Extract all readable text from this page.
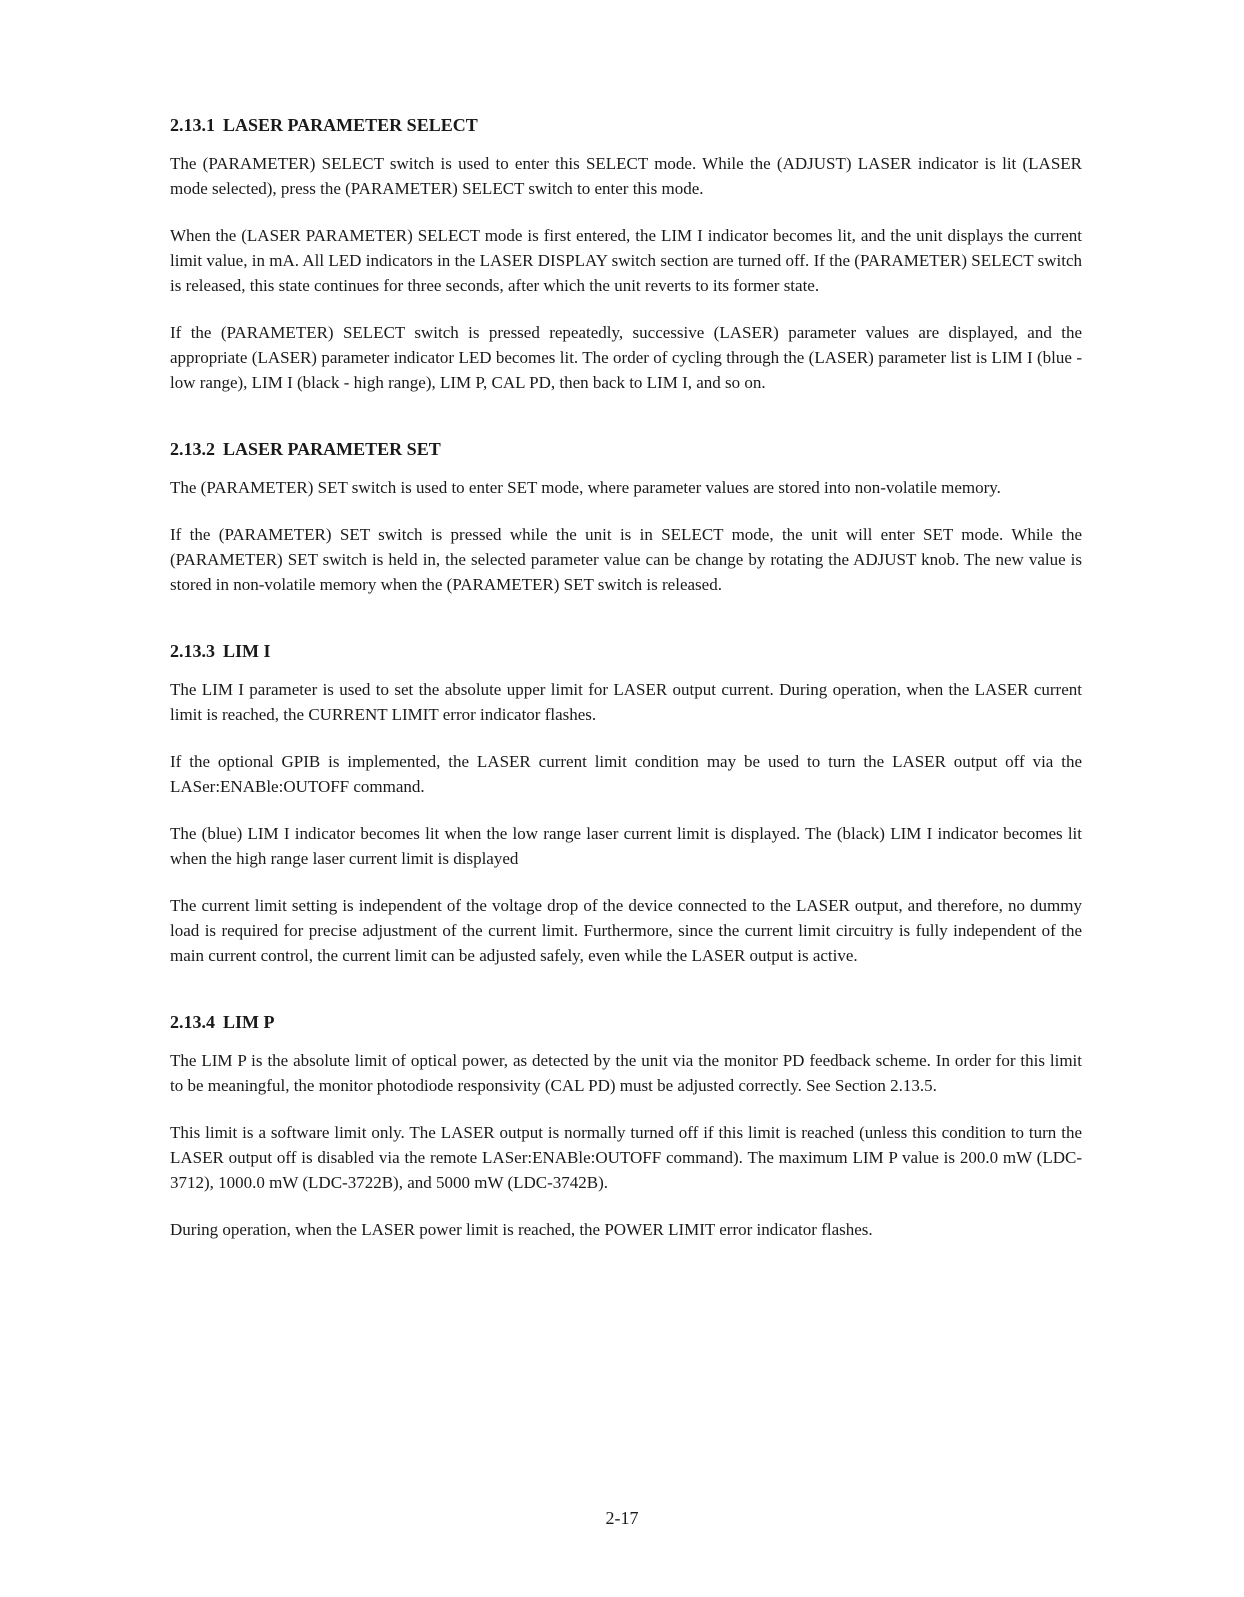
2.13.1 LASER PARAMETER SELECT

The (PARAMETER) SELECT switch is used to enter this SELECT mode. While the (ADJUST) LASER indicator is lit (LASER mode selected), press the (PARAMETER) SELECT switch to enter this mode.

When the (LASER PARAMETER) SELECT mode is first entered, the LIM I indicator becomes lit, and the unit displays the current limit value, in mA. All LED indicators in the LASER DISPLAY switch section are turned off. If the (PARAMETER) SELECT switch is released, this state continues for three seconds, after which the unit reverts to its former state.

If the (PARAMETER) SELECT switch is pressed repeatedly, successive (LASER) parameter values are displayed, and the appropriate (LASER) parameter indicator LED becomes lit. The order of cycling through the (LASER) parameter list is LIM I (blue - low range), LIM I (black - high range), LIM P, CAL PD, then back to LIM I, and so on.

2.13.2 LASER PARAMETER SET

The (PARAMETER) SET switch is used to enter SET mode, where parameter values are stored into non-volatile memory.

If the (PARAMETER) SET switch is pressed while the unit is in SELECT mode, the unit will enter SET mode. While the (PARAMETER) SET switch is held in, the selected parameter value can be change by rotating the ADJUST knob. The new value is stored in non-volatile memory when the (PARAMETER) SET switch is released.

2.13.3 LIM I

The LIM I parameter is used to set the absolute upper limit for LASER output current. During operation, when the LASER current limit is reached, the CURRENT LIMIT error indicator flashes.

If the optional GPIB is implemented, the LASER current limit condition may be used to turn the LASER output off via the LASer:ENABle:OUTOFF command.

The (blue) LIM I indicator becomes lit when the low range laser current limit is displayed. The (black) LIM I indicator becomes lit when the high range laser current limit is displayed

The current limit setting is independent of the voltage drop of the device connected to the LASER output, and therefore, no dummy load is required for precise adjustment of the current limit. Furthermore, since the current limit circuitry is fully independent of the main current control, the current limit can be adjusted safely, even while the LASER output is active.

2.13.4 LIM P

The LIM P is the absolute limit of optical power, as detected by the unit via the monitor PD feedback scheme. In order for this limit to be meaningful, the monitor photodiode responsivity (CAL PD) must be adjusted correctly. See Section 2.13.5.

This limit is a software limit only. The LASER output is normally turned off if this limit is reached (unless this condition to turn the LASER output off is disabled via the remote LASer:ENABle:OUTOFF command). The maximum LIM P value is 200.0 mW (LDC-3712), 1000.0 mW (LDC-3722B), and 5000 mW (LDC-3742B).

During operation, when the LASER power limit is reached, the POWER LIMIT error indicator flashes.

2-17
